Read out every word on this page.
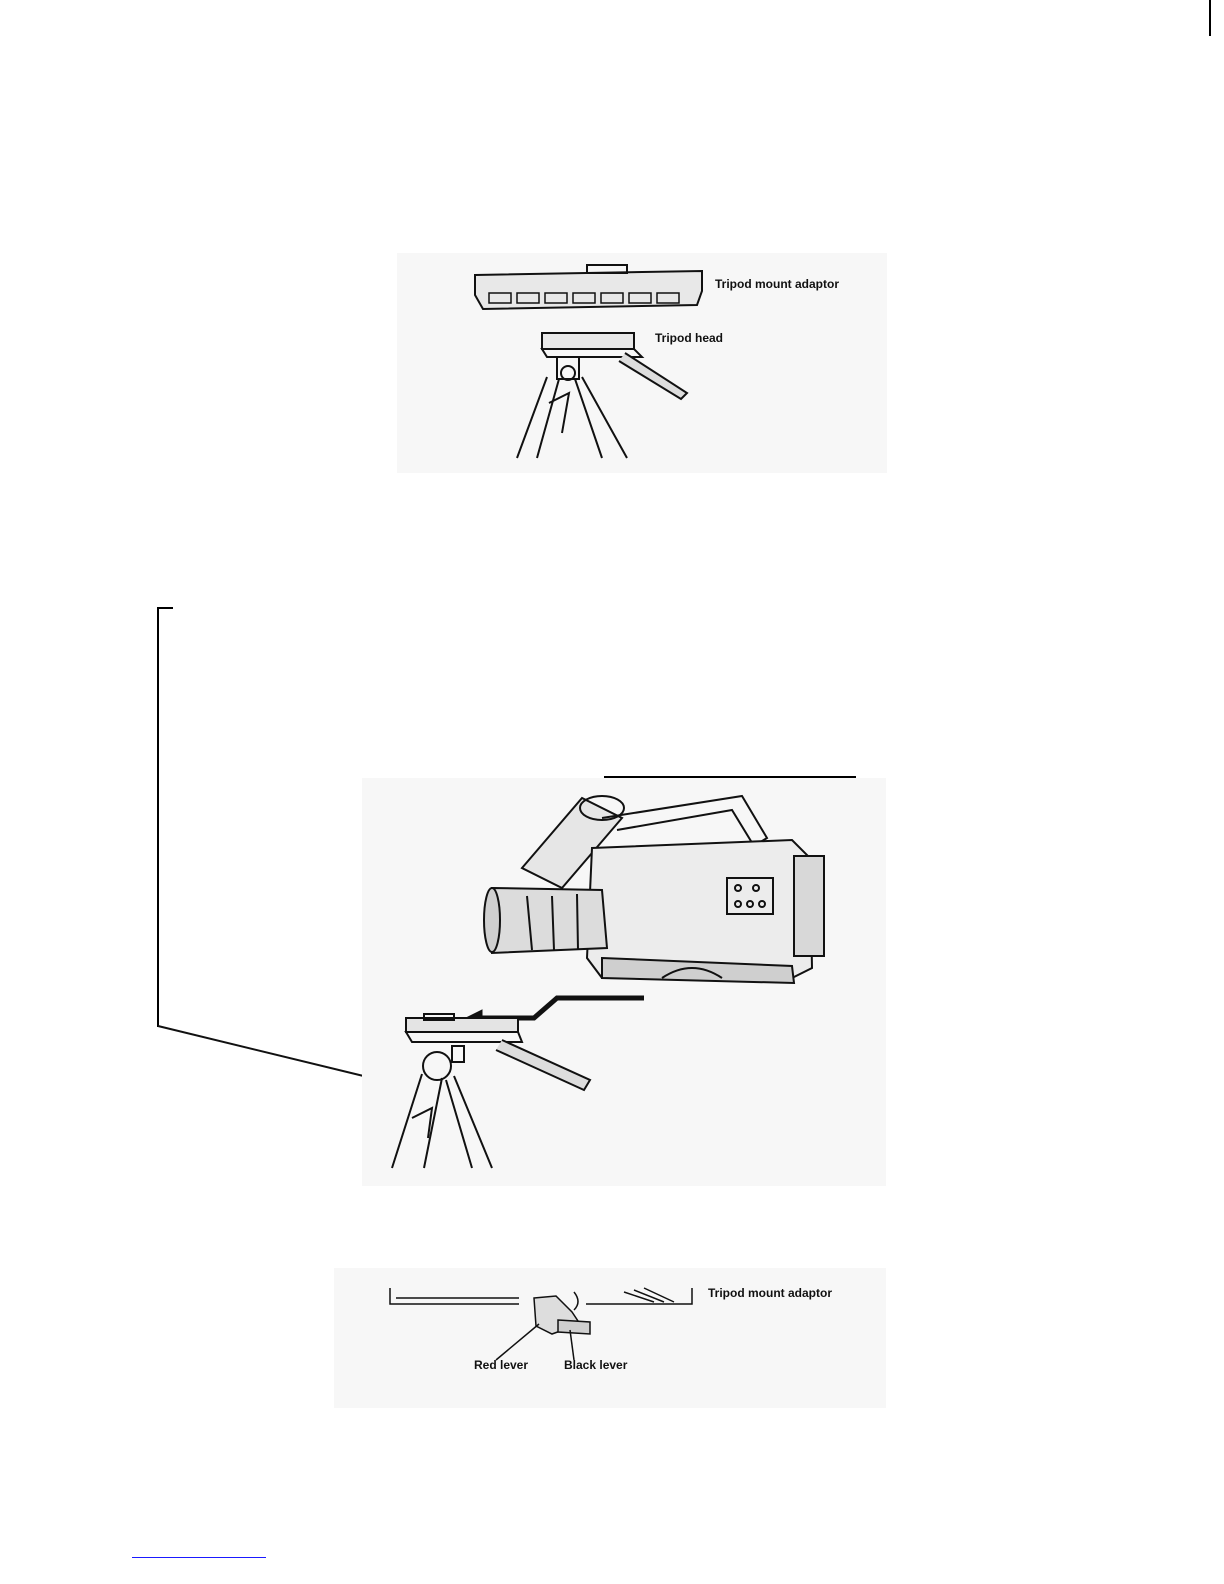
Tripod mount adaptor
Tripod head
Tripod mount adaptor
Red lever	Black lever
